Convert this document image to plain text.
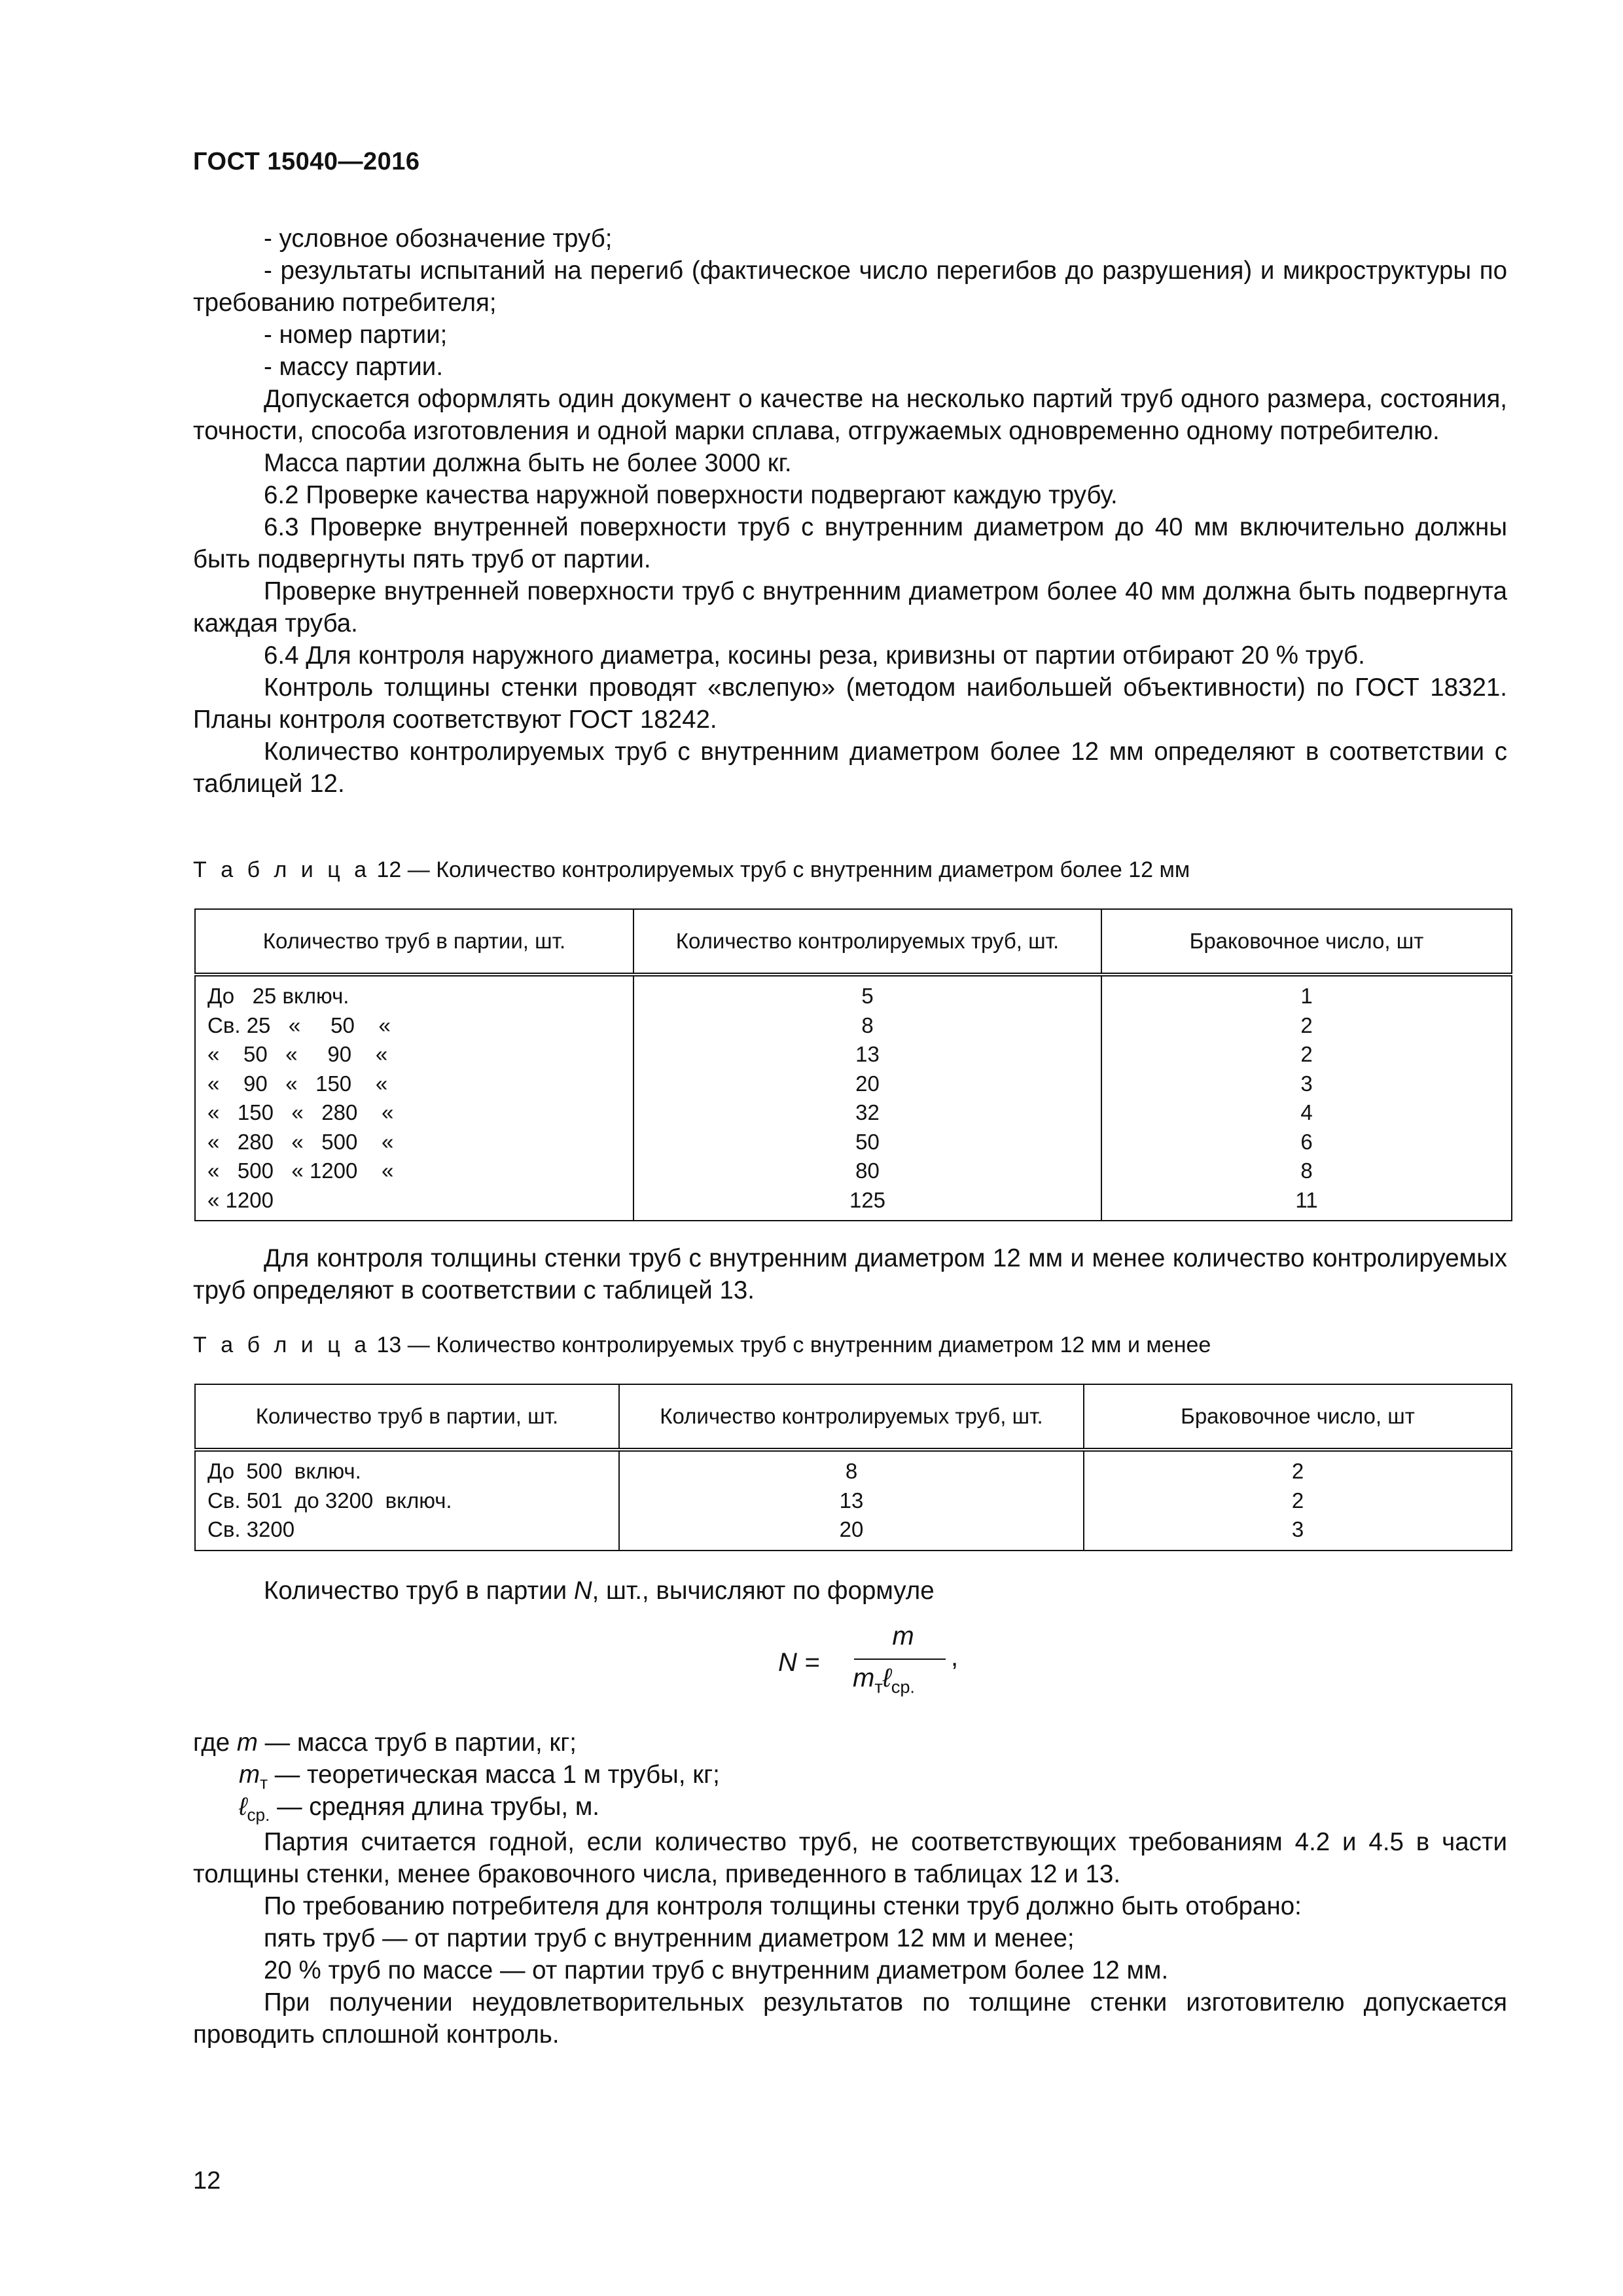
ГОСТ 15040—2016

- условное обозначение труб;

- результаты испытаний на перегиб (фактическое число перегибов до разрушения) и микроструктуры по требованию потребителя;

- номер партии;

- массу партии.

Допускается оформлять один документ о качестве на несколько партий труб одного размера, состояния, точности, способа изготовления и одной марки сплава, отгружаемых одновременно одному потребителю.

Масса партии должна быть не более 3000 кг.

6.2 Проверке качества наружной поверхности подвергают каждую трубу.

6.3 Проверке внутренней поверхности труб с внутренним диаметром до 40 мм включительно должны быть подвергнуты пять труб от партии.

Проверке внутренней поверхности труб с внутренним диаметром более 40 мм должна быть подвергнута каждая труба.

6.4 Для контроля наружного диаметра, косины реза, кривизны от партии отбирают 20 % труб.

Контроль толщины стенки проводят «вслепую» (методом наибольшей объективности) по ГОСТ 18321. Планы контроля соответствуют ГОСТ 18242.

Количество контролируемых труб с внутренним диаметром более 12 мм определяют в соответствии с таблицей 12.

Т а б л и ц а 12 — Количество контролируемых труб с внутренним диаметром более 12 мм
Количество труб в партии, шт.	Количество контролируемых труб, шт.	Браковочное число, шт
До   25 включ.	5	1
Св. 25   «     50    «	8	2
«    50   «     90    «	13	2
«    90   «   150    «	20	3
«   150   «   280    «	32	4
«   280   «   500    «	50	6
«   500   « 1200    «	80	8
« 1200	125	11

Для контроля толщины стенки труб с внутренним диаметром 12 мм и менее количество контролируемых труб определяют в соответствии с таблицей 13.

Т а б л и ц а 13 — Количество контролируемых труб с внутренним диаметром 12 мм и менее
Количество труб в партии, шт.	Количество контролируемых труб, шт.	Браковочное число, шт
До  500  включ.	8	2
Св. 501  до 3200  включ.	13	2
Св. 3200	20	3

Количество труб в партии N, шт., вычисляют по формуле

N =
m
$m_т\ell_{ср.}$
,

где m — масса труб в партии, кг;

$m_т$ — теоретическая масса 1 м трубы, кг;

ℓ$_{ср.}$ — средняя длина трубы, м.

Партия считается годной, если количество труб, не соответствующих требованиям 4.2 и 4.5 в части толщины стенки, менее браковочного числа, приведенного в таблицах 12 и 13.

По требованию потребителя для контроля толщины стенки труб должно быть отобрано:

пять труб — от партии труб с внутренним диаметром 12 мм и менее;

20 % труб по массе — от партии труб с внутренним диаметром более 12 мм.

При получении неудовлетворительных результатов по толщине стенки изготовителю допускается проводить сплошной контроль.

12
